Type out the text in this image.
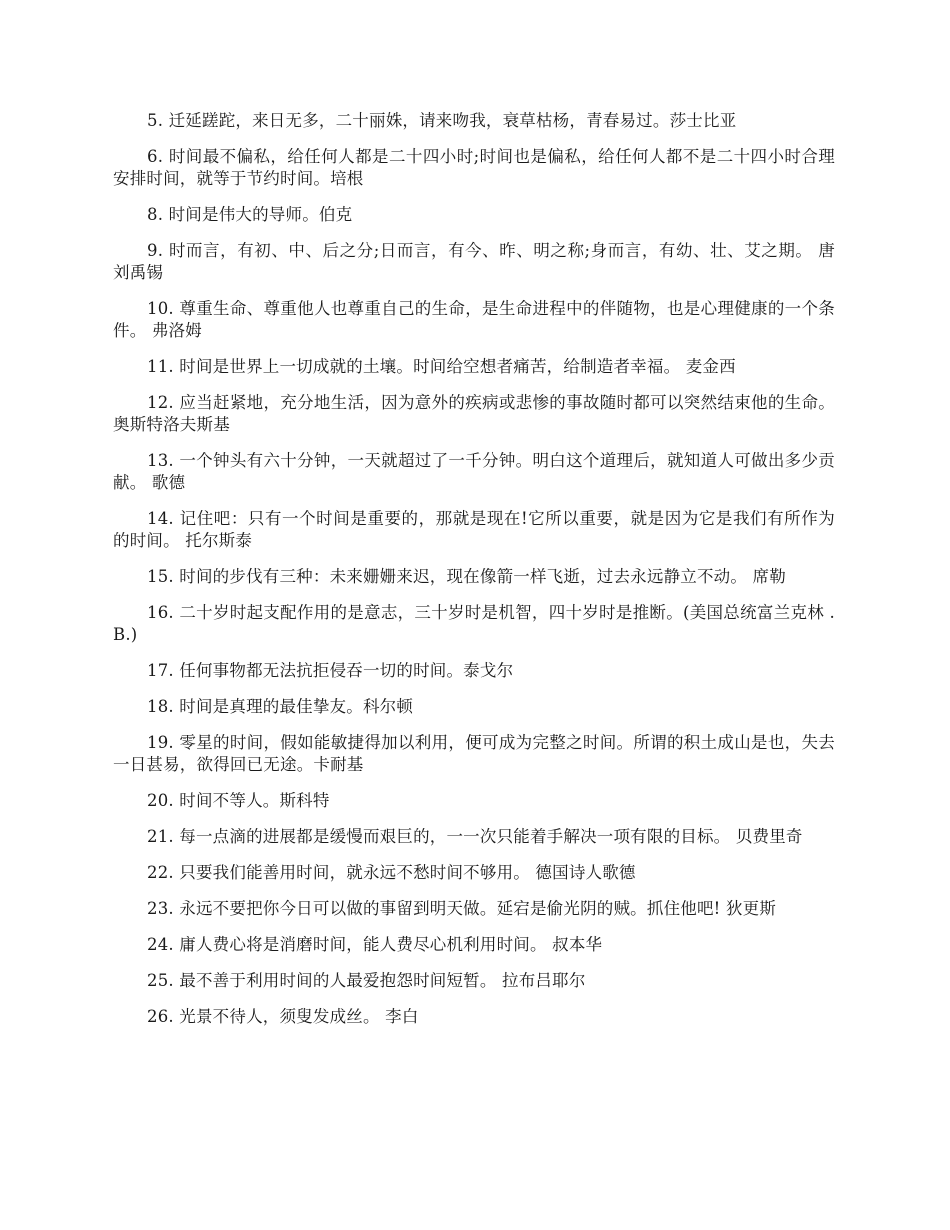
5. 迁延蹉跎，来日无多，二十丽姝，请来吻我，衰草枯杨，青春易过。莎士比亚

6. 时间最不偏私，给任何人都是二十四小时;时间也是偏私，给任何人都不是二十四小时合理安排时间，就等于节约时间。培根

8. 时间是伟大的导师。伯克

9. 时而言，有初、中、后之分;日而言，有今、昨、明之称;身而言，有幼、壮、艾之期。 唐刘禹锡

10. 尊重生命、尊重他人也尊重自己的生命，是生命进程中的伴随物，也是心理健康的一个条件。 弗洛姆

11. 时间是世界上一切成就的土壤。时间给空想者痛苦，给制造者幸福。 麦金西

12. 应当赶紧地，充分地生活，因为意外的疾病或悲惨的事故随时都可以突然结束他的生命。 奥斯特洛夫斯基

13. 一个钟头有六十分钟，一天就超过了一千分钟。明白这个道理后，就知道人可做出多少贡献。 歌德

14. 记住吧：只有一个时间是重要的，那就是现在!它所以重要，就是因为它是我们有所作为的时间。 托尔斯泰

15. 时间的步伐有三种：未来姗姗来迟，现在像箭一样飞逝，过去永远静立不动。 席勒

16. 二十岁时起支配作用的是意志，三十岁时是机智，四十岁时是推断。(美国总统富兰克林 . B.)

17. 任何事物都无法抗拒侵吞一切的时间。泰戈尔

18. 时间是真理的最佳挚友。科尔顿

19. 零星的时间，假如能敏捷得加以利用，便可成为完整之时间。所谓的积土成山是也，失去一日甚易，欲得回已无途。卡耐基

20. 时间不等人。斯科特

21. 每一点滴的进展都是缓慢而艰巨的，一一次只能着手解决一项有限的目标。 贝费里奇

22. 只要我们能善用时间，就永远不愁时间不够用。 德国诗人歌德

23. 永远不要把你今日可以做的事留到明天做。延宕是偷光阴的贼。抓住他吧! 狄更斯

24. 庸人费心将是消磨时间，能人费尽心机利用时间。 叔本华

25. 最不善于利用时间的人最爱抱怨时间短暂。 拉布吕耶尔

26. 光景不待人，须叟发成丝。 李白
